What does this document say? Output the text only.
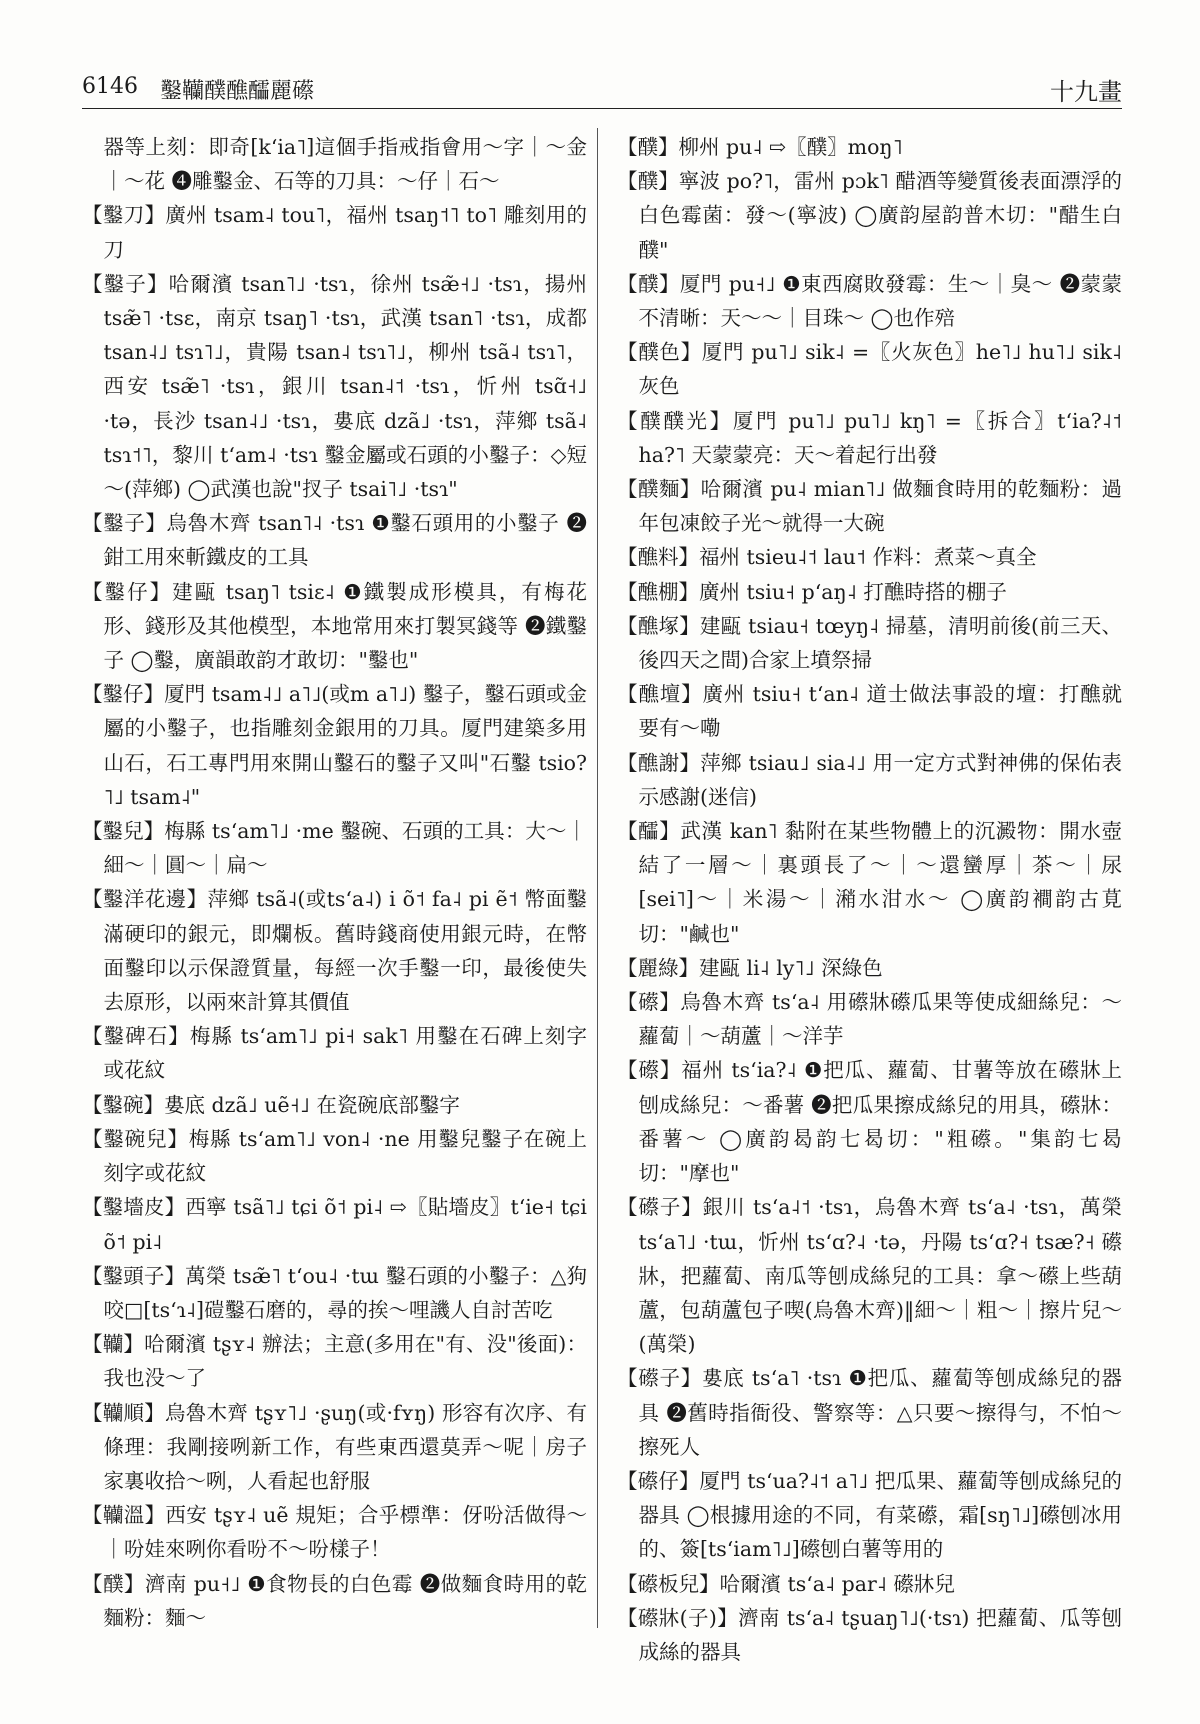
6146 鑿韊醭醮醽麗礤	十九畫

器等上刻：即奇[kʻia˥]這個手指戒指會用～字｜～金｜～花 ❹雕鑿金、石等的刀具：～仔｜石～

【鑿刀】廣州 tsam˨ tou˥，福州 tsaŋ˦˥ to˥ 雕刻用的刀

【鑿子】哈爾濱 tsan˥˩ ·tsɿ，徐州 tsæ̃˧˩ ·tsɿ，揚州 tsæ̃˥ ·tsɛ，南京 tsaŋ˥ ·tsɿ，武漢 tsan˥ ·tsɿ，成都 tsan˨˩ tsɿ˥˩，貴陽 tsan˨ tsɿ˥˩，柳州 tsã˨ tsɿ˥，西安 tsæ̃˥ ·tsɿ，銀川 tsan˨˦ ·tsɿ，忻州 tsɑ̃˧˩ ·tə，長沙 tsan˨˩ ·tsɿ，婁底 dzã˩ ·tsɿ，萍鄉 tsã˨ tsɿ˦˥，黎川 tʻam˨ ·tsɿ 鑿金屬或石頭的小鑿子：◇短～(萍鄉) ◯武漢也說"扠子 tsai˥˩ ·tsɿ"

【鑿子】烏魯木齊 tsan˥˨ ·tsɿ ❶鑿石頭用的小鑿子 ❷鉗工用來斬鐵皮的工具

【鑿仔】建甌 tsaŋ˥ tsiɛ˨ ❶鐵製成形模具，有梅花形、錢形及其他模型，本地常用來打製冥錢等 ❷鐵鑿子 ◯鑿，廣韻敢韵才敢切："鑿也"

【鑿仔】厦門 tsam˨˩ a˥˩(或m a˥˩) 鑿子，鑿石頭或金屬的小鑿子，也指雕刻金銀用的刀具。厦門建築多用山石，石工專門用來開山鑿石的鑿子又叫"石鑿 tsio?˥˩ tsam˨"

【鑿兒】梅縣 tsʻam˥˩ ·me 鑿碗、石頭的工具：大～｜細～｜圓～｜扁～

【鑿洋花邊】萍鄉 tsã˨(或tsʻa˨) i õ˦ fa˨ pi ẽ˦ 幣面鑿滿硬印的銀元，即爛板。舊時錢商使用銀元時，在幣面鑿印以示保證質量，每經一次手鑿一印，最後使失去原形，以兩來計算其價值

【鑿碑石】梅縣 tsʻam˥˩ pi˧ sak˥ 用鑿在石碑上刻字或花紋

【鑿碗】婁底 dzã˩ uẽ˧˩ 在瓷碗底部鑿字

【鑿碗兒】梅縣 tsʻam˥˩ von˨ ·ne 用鑿兒鑿子在碗上刻字或花紋

【鑿墻皮】西寧 tsã˥˩ tɕi õ˦ pi˨ ⇨〖貼墻皮〗tʻie˧ tɕi õ˦ pi˨

【鑿頭子】萬榮 tsæ̃˥ tʻou˨ ·tɯ 鑿石頭的小鑿子：△狗咬□[tsʻɿ˨]磑鑿石磨的，尋的挨～哩譏人自討苦吃

【韊】哈爾濱 tʂʏ˨ 辦法；主意(多用在"有、没"後面)：我也没～了

【韊順】烏魯木齊 tʂʏ˥˩ ·ʂuŋ(或·fʏŋ) 形容有次序、有條理：我剛接咧新工作，有些東西還莫弄～呢｜房子家裏收拾～咧，人看起也舒服

【韊溫】西安 tʂʏ˨ uẽ 規矩；合乎標準：伢吩活做得～｜吩娃來咧你看吩不～吩樣子！

【醭】濟南 pu˧˩ ❶食物長的白色霉 ❷做麵食時用的乾麵粉：麵～

【醭】柳州 pu˨ ⇨〖醭〗moŋ˥

【醭】寧波 po?˥，雷州 pɔk˥ 醋酒等變質後表面漂浮的白色霉菌：發～(寧波) ◯廣韵屋韵普木切："醋生白醭"

【醭】厦門 pu˧˩ ❶東西腐敗發霉：生～｜臭～ ❷蒙蒙不清晰：天～～｜目珠～ ◯也作殕

【醭色】厦門 pu˥˩ sik˨ =〖火灰色〗he˥˩ hu˥˩ sik˨ 灰色

【醭醭光】厦門 pu˥˩ pu˥˩ kŋ˥ =〖拆合〗tʻia?˨˦ ha?˥ 天蒙蒙亮：天～着起行出發

【醭麵】哈爾濱 pu˨ mian˥˩ 做麵食時用的乾麵粉：過年包凍餃子光～就得一大碗

【醮料】福州 tsieu˨˦ lau˦ 作料：煮菜～真全

【醮棚】廣州 tsiu˧ pʻaŋ˨ 打醮時搭的棚子

【醮塚】建甌 tsiau˧ tœyŋ˨ 掃墓，清明前後(前三天、後四天之間)合家上墳祭掃

【醮壇】廣州 tsiu˧ tʻan˨ 道士做法事設的壇：打醮就要有～嘞

【醮謝】萍鄉 tsiau˩ sia˨˩ 用一定方式對神佛的保佑表示感謝(迷信)

【醽】武漢 kan˥ 黏附在某些物體上的沉澱物：開水壺結了一層～｜裏頭長了～｜～還蠻厚｜茶～｜尿[sei˥]～｜米湯～｜潲水泔水～ ◯廣韵襇韵古莧切："鹹也"

【麗綠】建甌 li˨ ly˥˩ 深綠色

【礤】烏魯木齊 tsʻa˨ 用礤牀礤瓜果等使成細絲兒：～蘿蔔｜～葫蘆｜～洋芋

【礤】福州 tsʻia?˨ ❶把瓜、蘿蔔、甘薯等放在礤牀上刨成絲兒：～番薯 ❷把瓜果擦成絲兒的用具，礤牀：番薯～ ◯廣韵曷韵七曷切："粗礤。"集韵七曷切："摩也"

【礤子】銀川 tsʻa˨˦ ·tsɿ，烏魯木齊 tsʻa˨ ·tsɿ，萬榮 tsʻa˥˩ ·tɯ，忻州 tsʻɑ?˨ ·tə，丹陽 tsʻɑ?˧ tsæ?˧ 礤牀，把蘿蔔、南瓜等刨成絲兒的工具：拿～礤上些葫蘆，包葫蘆包子喫(烏魯木齊)‖細～｜粗～｜擦片兒～(萬榮)

【礤子】婁底 tsʻa˥ ·tsɿ ❶把瓜、蘿蔔等刨成絲兒的器具 ❷舊時指衙役、警察等：△只要～擦得勻，不怕～擦死人

【礤仔】厦門 tsʻua?˨˦ a˥˩ 把瓜果、蘿蔔等刨成絲兒的器具 ◯根據用途的不同，有菜礤，霜[sŋ˥˩]礤刨冰用的、簽[tsʻiam˥˩]礤刨白薯等用的

【礤板兒】哈爾濱 tsʻa˨ par˨ 礤牀兒

【礤牀(子)】濟南 tsʻa˨ tʂuaŋ˥˩(·tsɿ) 把蘿蔔、瓜等刨成絲的器具
